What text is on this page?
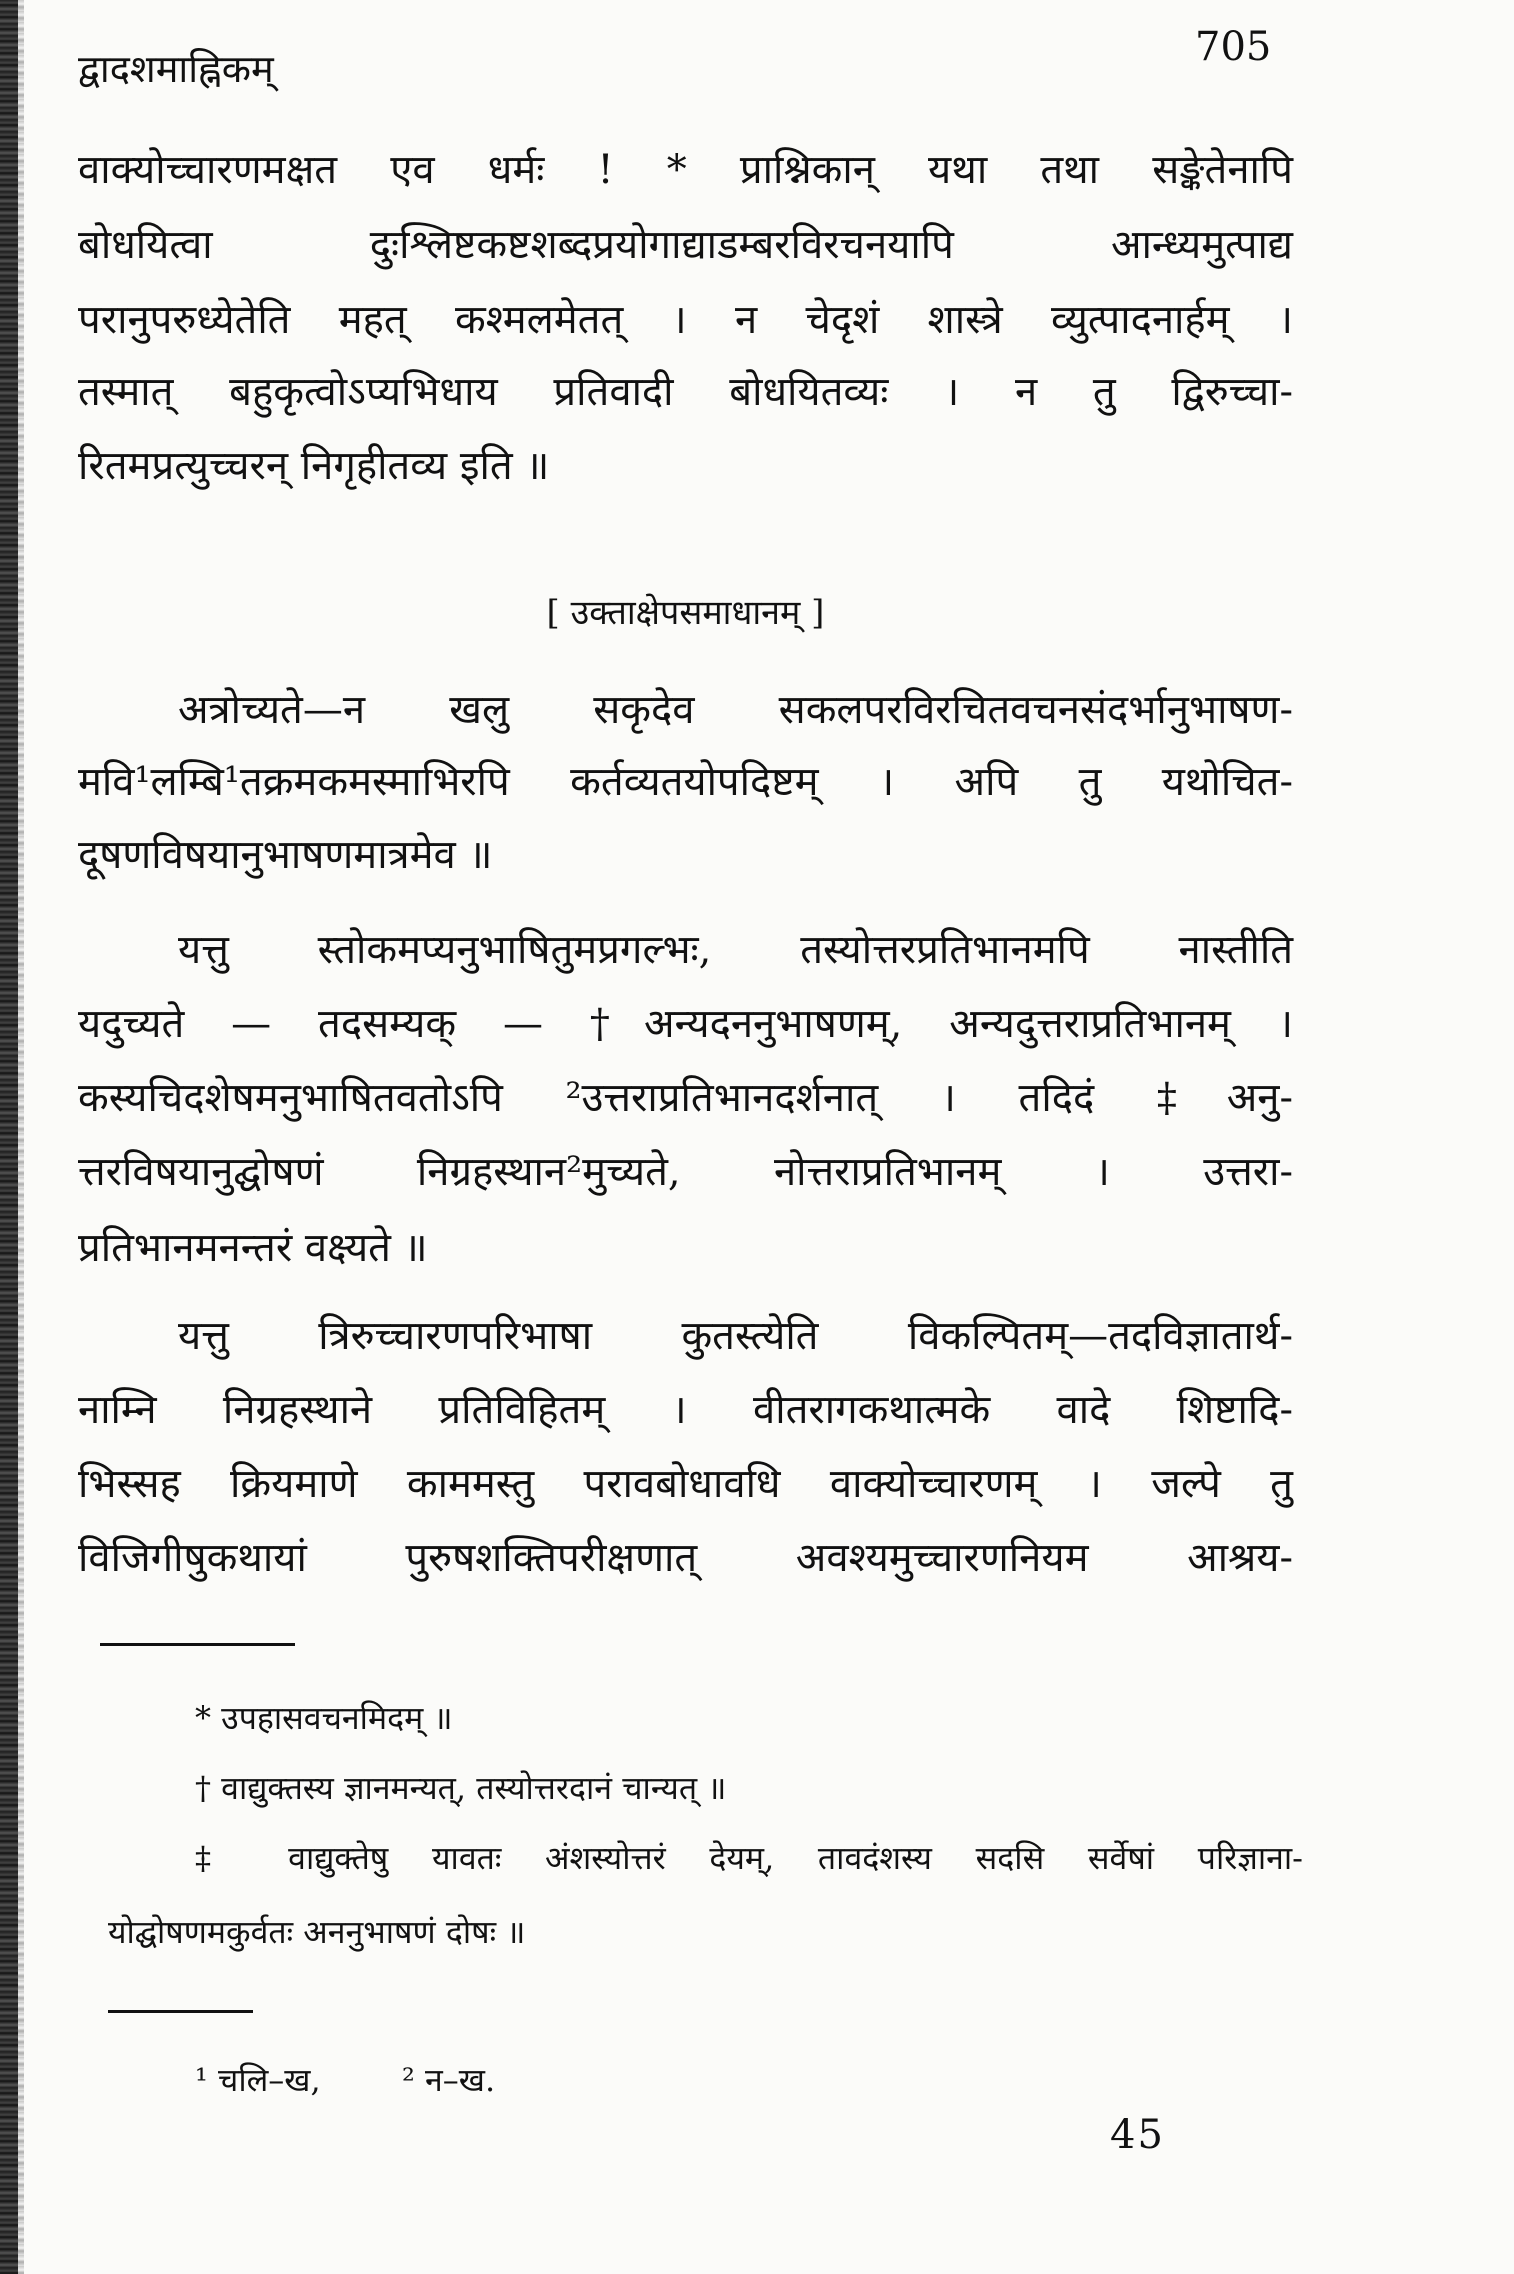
द्वादशमाह्निकम्	705
वाक्योच्चारणमक्षत एव धर्मः ! * प्राश्निकान् यथा तथा सङ्केतेनापि
बोधयित्वा दुःश्लिष्टकष्टशब्दप्रयोगाद्याडम्बरविरचनयापि आन्ध्यमुत्पाद्य
परानुपरुध्येतेति महत् कश्मलमेतत् । न चेदृशं शास्त्रे व्युत्पादनार्हम् ।
तस्मात् बहुकृत्वोऽप्यभिधाय प्रतिवादी बोधयितव्यः । न तु द्विरुच्चा-
रितमप्रत्युच्चरन् निगृहीतव्य इति ॥
[ उक्ताक्षेपसमाधानम् ]
अत्रोच्यते—न खलु सकृदेव सकलपरविरचितवचनसंदर्भानुभाषण-
मवि¹लम्बि¹तक्रमकमस्माभिरपि कर्तव्यतयोपदिष्टम् । अपि तु यथोचित-
दूषणविषयानुभाषणमात्रमेव ॥
यत्तु स्तोकमप्यनुभाषितुमप्रगल्भः, तस्योत्तरप्रतिभानमपि नास्तीति
यदुच्यते — तदसम्यक् — †अन्यदननुभाषणम्, अन्यदुत्तराप्रतिभानम् ।
कस्यचिदशेषमनुभाषितवतोऽपि ²उत्तराप्रतिभानदर्शनात् । तदिदं ‡अनु-
त्तरविषयानुद्घोषणं निग्रहस्थान²मुच्यते, नोत्तराप्रतिभानम् । उत्तरा-
प्रतिभानमनन्तरं वक्ष्यते ॥
यत्तु त्रिरुच्चारणपरिभाषा कुतस्त्येति विकल्पितम्—तदविज्ञातार्थ-
नाम्नि निग्रहस्थाने प्रतिविहितम् । वीतरागकथात्मके वादे शिष्टादि-
भिस्सह क्रियमाणे काममस्तु परावबोधावधि वाक्योच्चारणम् । जल्पे तु
विजिगीषुकथायां पुरुषशक्तिपरीक्षणात् अवश्यमुच्चारणनियम आश्रय-
* उपहासवचनमिदम् ॥
† वाद्युक्तस्य ज्ञानमन्यत्, तस्योत्तरदानं चान्यत् ॥
‡ वाद्युक्तेषु यावतः अंशस्योत्तरं देयम्, तावदंशस्य सदसि सर्वेषां परिज्ञाना-
योद्घोषणमकुर्वतः अननुभाषणं दोषः ॥
¹ चलि–ख,        ² न–ख.
45
